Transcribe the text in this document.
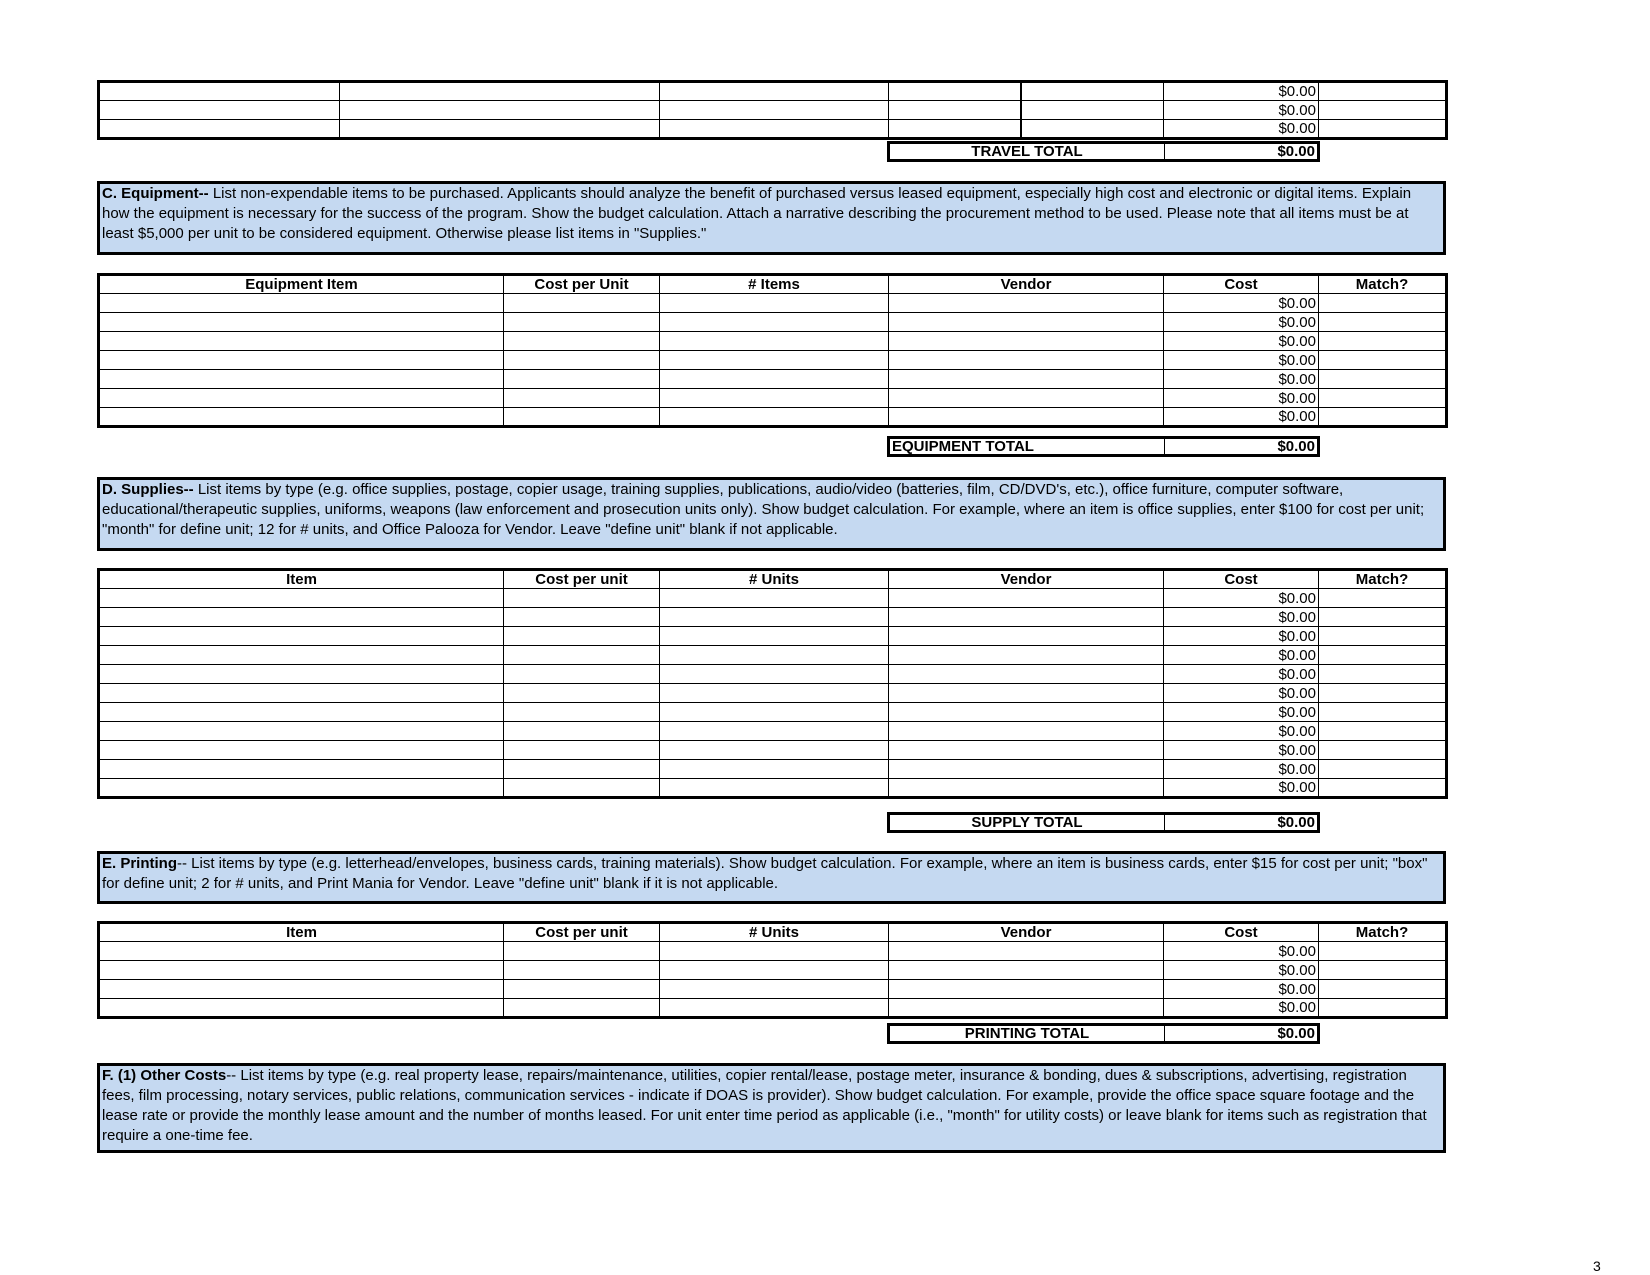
					$0.00	
					$0.00	
					$0.00	
TRAVEL TOTAL	$0.00
C. Equipment-- List non-expendable items to be purchased. Applicants should analyze the benefit of purchased versus leased equipment, especially high cost and electronic or digital items. Explain how the equipment is necessary for the success of the program. Show the budget calculation. Attach a narrative describing the procurement method to be used. Please note that all items must be at least $5,000 per unit to be considered equipment. Otherwise please list items in "Supplies."
Equipment Item	Cost per Unit	# Items	Vendor	Cost	Match?
				$0.00	
				$0.00	
				$0.00	
				$0.00	
				$0.00	
				$0.00	
				$0.00	
EQUIPMENT TOTAL	$0.00
D. Supplies-- List items by type (e.g. office supplies, postage, copier usage, training supplies, publications, audio/video (batteries, film, CD/DVD's, etc.), office furniture, computer software, educational/therapeutic supplies, uniforms, weapons (law enforcement and prosecution units only). Show budget calculation. For example, where an item is office supplies, enter $100 for cost per unit; "month" for define unit; 12 for # units, and Office Palooza for Vendor. Leave "define unit" blank if not applicable.
Item	Cost per unit	# Units	Vendor	Cost	Match?
				$0.00	
				$0.00	
				$0.00	
				$0.00	
				$0.00	
				$0.00	
				$0.00	
				$0.00	
				$0.00	
				$0.00	
				$0.00	
SUPPLY TOTAL	$0.00
E. Printing-- List items by type (e.g. letterhead/envelopes, business cards, training materials). Show budget calculation. For example, where an item is business cards, enter $15 for cost per unit; "box" for define unit; 2 for # units, and Print Mania for Vendor. Leave "define unit" blank if it is not applicable.
Item	Cost per unit	# Units	Vendor	Cost	Match?
				$0.00	
				$0.00	
				$0.00	
				$0.00	
PRINTING TOTAL	$0.00
F. (1) Other Costs-- List items by type (e.g. real property lease, repairs/maintenance, utilities, copier rental/lease, postage meter, insurance & bonding, dues & subscriptions, advertising, registration fees, film processing, notary services, public relations, communication services - indicate if DOAS is provider). Show budget calculation. For example, provide the office space square footage and the lease rate or provide the monthly lease amount and the number of months leased. For unit enter time period as applicable (i.e., "month" for utility costs) or leave blank for items such as registration that require a one-time fee.
3
